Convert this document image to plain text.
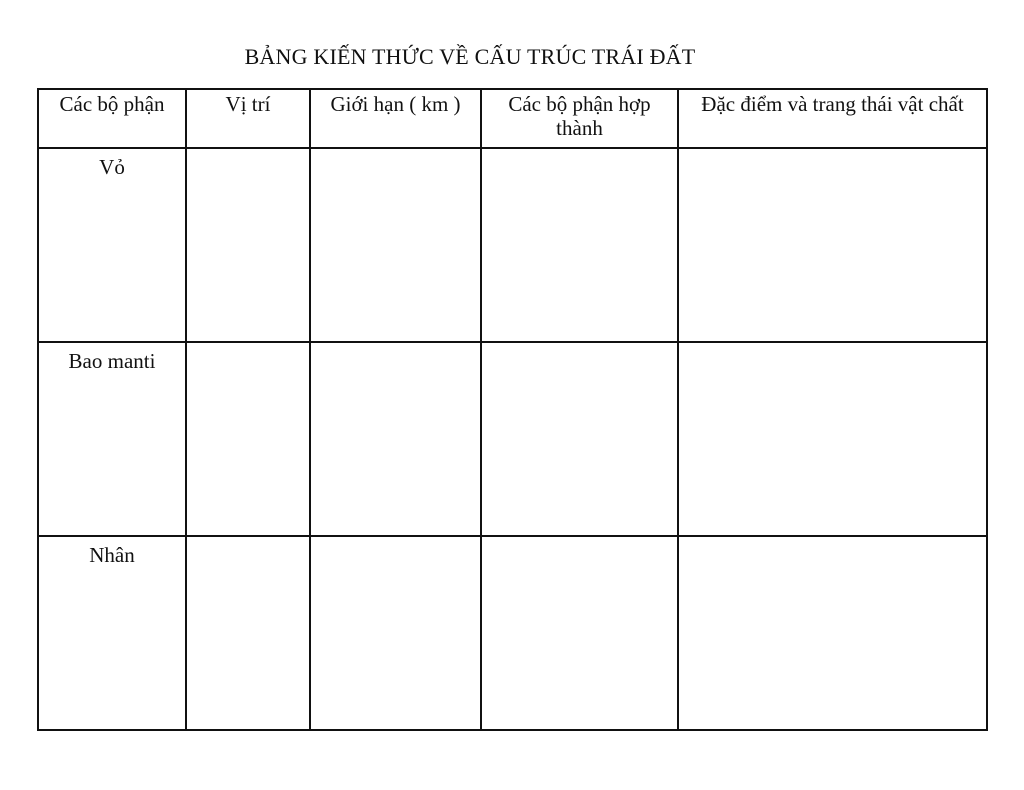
BẢNG KIẾN THỨC VỀ CẤU TRÚC TRÁI ĐẤT
Các bộ phận	Vị trí	Giới hạn ( km )	Các bộ phận hợp thành	Đặc điểm và trang thái vật chất
Vỏ				
Bao manti				
Nhân				
